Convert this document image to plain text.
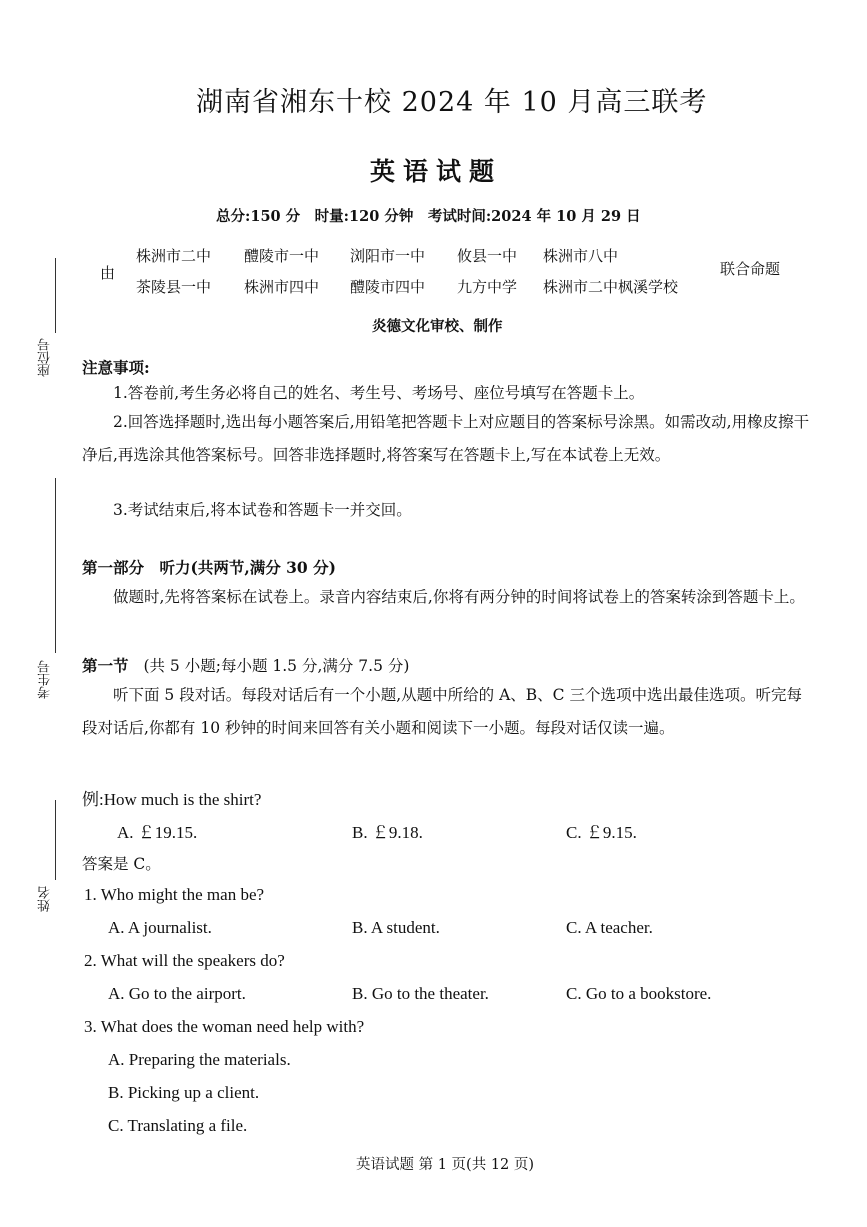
湖南省湘东十校 2024 年 10 月高三联考
英语试题
总分:150 分　时量:120 分钟　考试时间:2024 年 10 月 29 日
由
株洲市二中 醴陵市一中 浏阳市一中 攸县一中 株洲市八中
茶陵县一中 株洲市四中 醴陵市四中 九方中学 株洲市二中枫溪学校
联合命题
炎德文化审校、制作
座位号
考生号
姓名
注意事项:

1.答卷前,考生务必将自己的姓名、考生号、考场号、座位号填写在答题卡上。

2.回答选择题时,选出每小题答案后,用铅笔把答题卡上对应题目的答案标号涂黑。如需改动,用橡皮擦干净后,再选涂其他答案标号。回答非选择题时,将答案写在答题卡上,写在本试卷上无效。

3.考试结束后,将本试卷和答题卡一并交回。

第一部分　听力(共两节,满分 30 分)

做题时,先将答案标在试卷上。录音内容结束后,你将有两分钟的时间将试卷上的答案转涂到答题卡上。

第一节 (共 5 小题;每小题 1.5 分,满分 7.5 分)

听下面 5 段对话。每段对话后有一个小题,从题中所给的 A、B、C 三个选项中选出最佳选项。听完每段对话后,你都有 10 秒钟的时间来回答有关小题和阅读下一小题。每段对话仅读一遍。

例:How much is the shirt?
A. ￡19.15.	B. ￡9.18.	C. ￡9.15.
答案是 C。
1. Who might the man be?
A. A journalist.	B. A student.	C. A teacher.
2. What will the speakers do?
A. Go to the airport.	B. Go to the theater.	C. Go to a bookstore.
3. What does the woman need help with?
A. Preparing the materials.
B. Picking up a client.
C. Translating a file.
英语试题 第 1 页(共 12 页)
